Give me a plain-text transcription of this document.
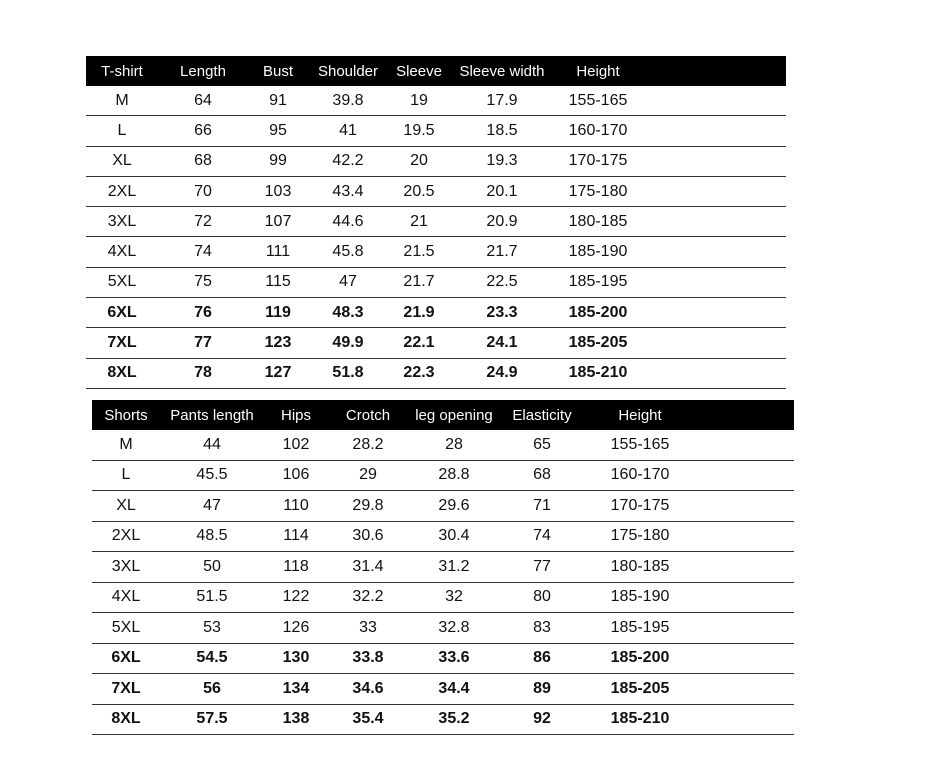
T-shirt	Length	Bust	Shoulder	Sleeve	Sleeve width	Height	
M	64	91	39.8	19	17.9	155-165	
L	66	95	41	19.5	18.5	160-170	
XL	68	99	42.2	20	19.3	170-175	
2XL	70	103	43.4	20.5	20.1	175-180	
3XL	72	107	44.6	21	20.9	180-185	
4XL	74	111	45.8	21.5	21.7	185-190	
5XL	75	115	47	21.7	22.5	185-195	
6XL	76	119	48.3	21.9	23.3	185-200	
7XL	77	123	49.9	22.1	24.1	185-205	
8XL	78	127	51.8	22.3	24.9	185-210	
Shorts	Pants length	Hips	Crotch	leg opening	Elasticity	Height	
M	44	102	28.2	28	65	155-165	
L	45.5	106	29	28.8	68	160-170	
XL	47	110	29.8	29.6	71	170-175	
2XL	48.5	114	30.6	30.4	74	175-180	
3XL	50	118	31.4	31.2	77	180-185	
4XL	51.5	122	32.2	32	80	185-190	
5XL	53	126	33	32.8	83	185-195	
6XL	54.5	130	33.8	33.6	86	185-200	
7XL	56	134	34.6	34.4	89	185-205	
8XL	57.5	138	35.4	35.2	92	185-210	
